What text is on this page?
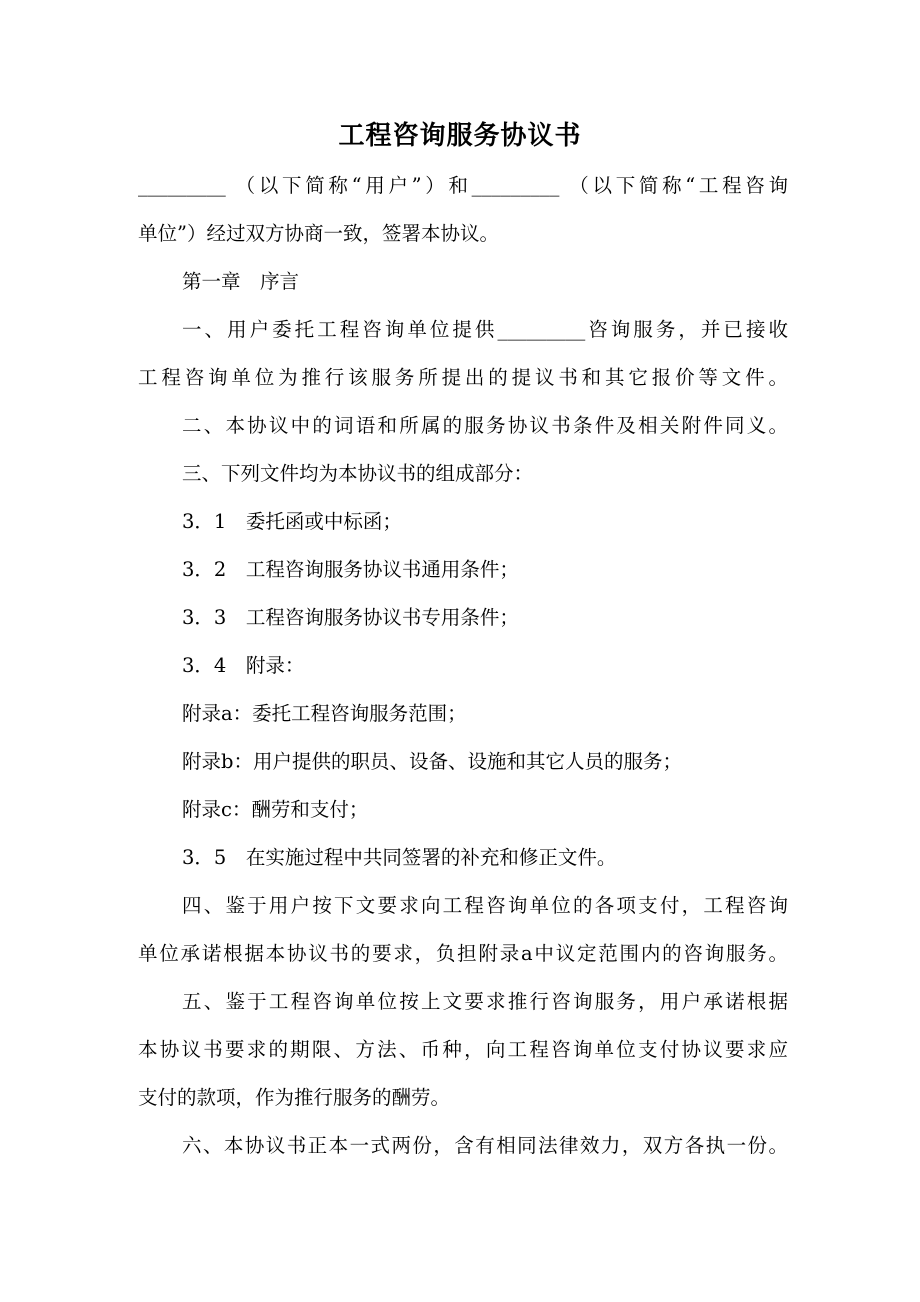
工程咨询服务协议书
_________ （以下简称“用户”）和_________ （以下简称“工程咨询
单位”）经过双方协商一致，签署本协议。
第一章　序言
一、用户委托工程咨询单位提供_________咨询服务，并已接收
工程咨询单位为推行该服务所提出的提议书和其它报价等文件。
二、本协议中的词语和所属的服务协议书条件及相关附件同义。
三、下列文件均为本协议书的组成部分：
3．1　委托函或中标函；
3．2　工程咨询服务协议书通用条件；
3．3　工程咨询服务协议书专用条件；
3．4　附录：
附录a：委托工程咨询服务范围；
附录b：用户提供的职员、设备、设施和其它人员的服务；
附录c：酬劳和支付；
3．5　在实施过程中共同签署的补充和修正文件。
四、鉴于用户按下文要求向工程咨询单位的各项支付，工程咨询
单位承诺根据本协议书的要求，负担附录a中议定范围内的咨询服务。
五、鉴于工程咨询单位按上文要求推行咨询服务，用户承诺根据
本协议书要求的期限、方法、币种，向工程咨询单位支付协议要求应
支付的款项，作为推行服务的酬劳。
六、本协议书正本一式两份，含有相同法律效力，双方各执一份。
